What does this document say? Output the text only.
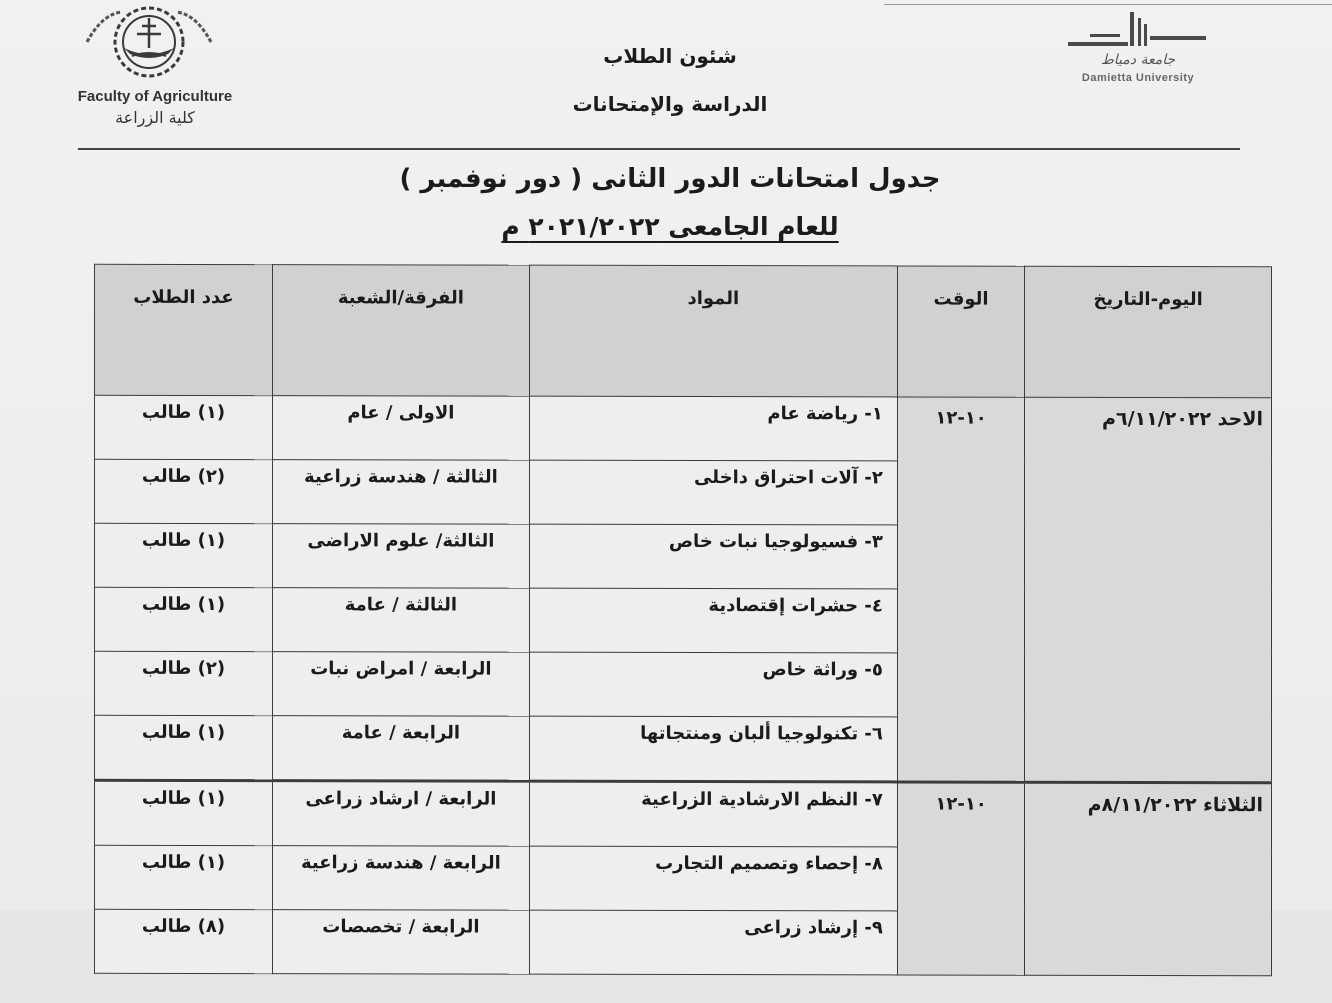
Faculty of Agriculture
كلية الزراعة
جامعة دمياط
Damietta University
شئون الطلاب
الدراسة والإمتحانات
جدول امتحانات الدور الثانى ( دور نوفمبر )
للعام الجامعى ٢٠٢١/٢٠٢٢ م
اليوم-التاريخ	الوقت	المواد	الفرقة/الشعبة	عدد الطلاب
الاحد ٦/١١/٢٠٢٢م	١٠-١٢	١- رياضة عام	الاولى / عام	(١) طالب
		٢- آلات احتراق داخلى	الثالثة / هندسة زراعية	(٢) طالب
		٣- فسيولوجيا نبات خاص	الثالثة/ علوم الاراضى	(١) طالب
		٤- حشرات إقتصادية	الثالثة / عامة	(١) طالب
		٥- وراثة خاص	الرابعة / امراض نبات	(٢) طالب
		٦- تكنولوجيا ألبان ومنتجاتها	الرابعة / عامة	(١) طالب
الثلاثاء ٨/١١/٢٠٢٢م	١٠-١٢	٧- النظم الارشادية الزراعية	الرابعة / ارشاد زراعى	(١) طالب
		٨- إحصاء وتصميم التجارب	الرابعة / هندسة زراعية	(١) طالب
		٩- إرشاد زراعى	الرابعة / تخصصات	(٨) طالب
